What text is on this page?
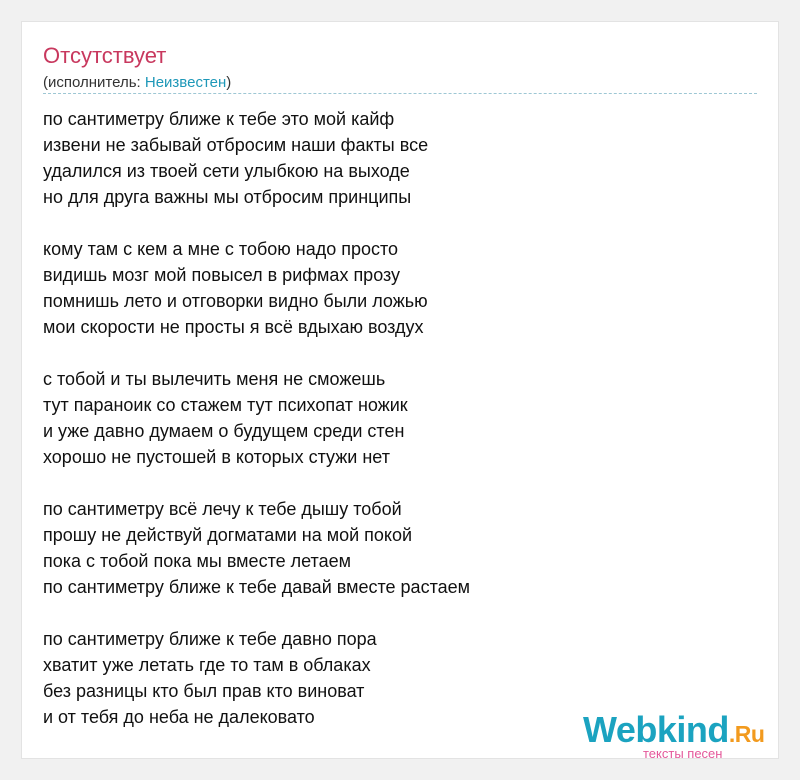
Отсутствует
(исполнитель: Неизвестен)
по сантиметру ближе к тебе это мой кайф
извени не забывай отбросим наши факты все
удалился из твоей сети улыбкою на выходе
но для друга важны мы отбросим принципы
кому там с кем а мне с тобою надо просто
видишь мозг мой повысел в рифмах прозу
помнишь лето и отговорки видно были ложью
мои скорости не просты я всё вдыхаю воздух
с тобой и ты вылечить меня не сможешь
тут параноик со стажем тут психопат ножик
и уже давно думаем о будущем среди стен
хорошо не пустошей в которых стужи нет
по сантиметру всё лечу к тебе дышу тобой
прошу не действуй догматами на мой покой
пока с тобой пока мы вместе летаем
по сантиметру ближе к тебе давай вместе растаем
по сантиметру ближе к тебе давно пора
хватит уже летать где то там в облаках
без разницы кто был прав кто виноват
и от тебя до неба не далековато	Webkind.Ru
тексты песен
